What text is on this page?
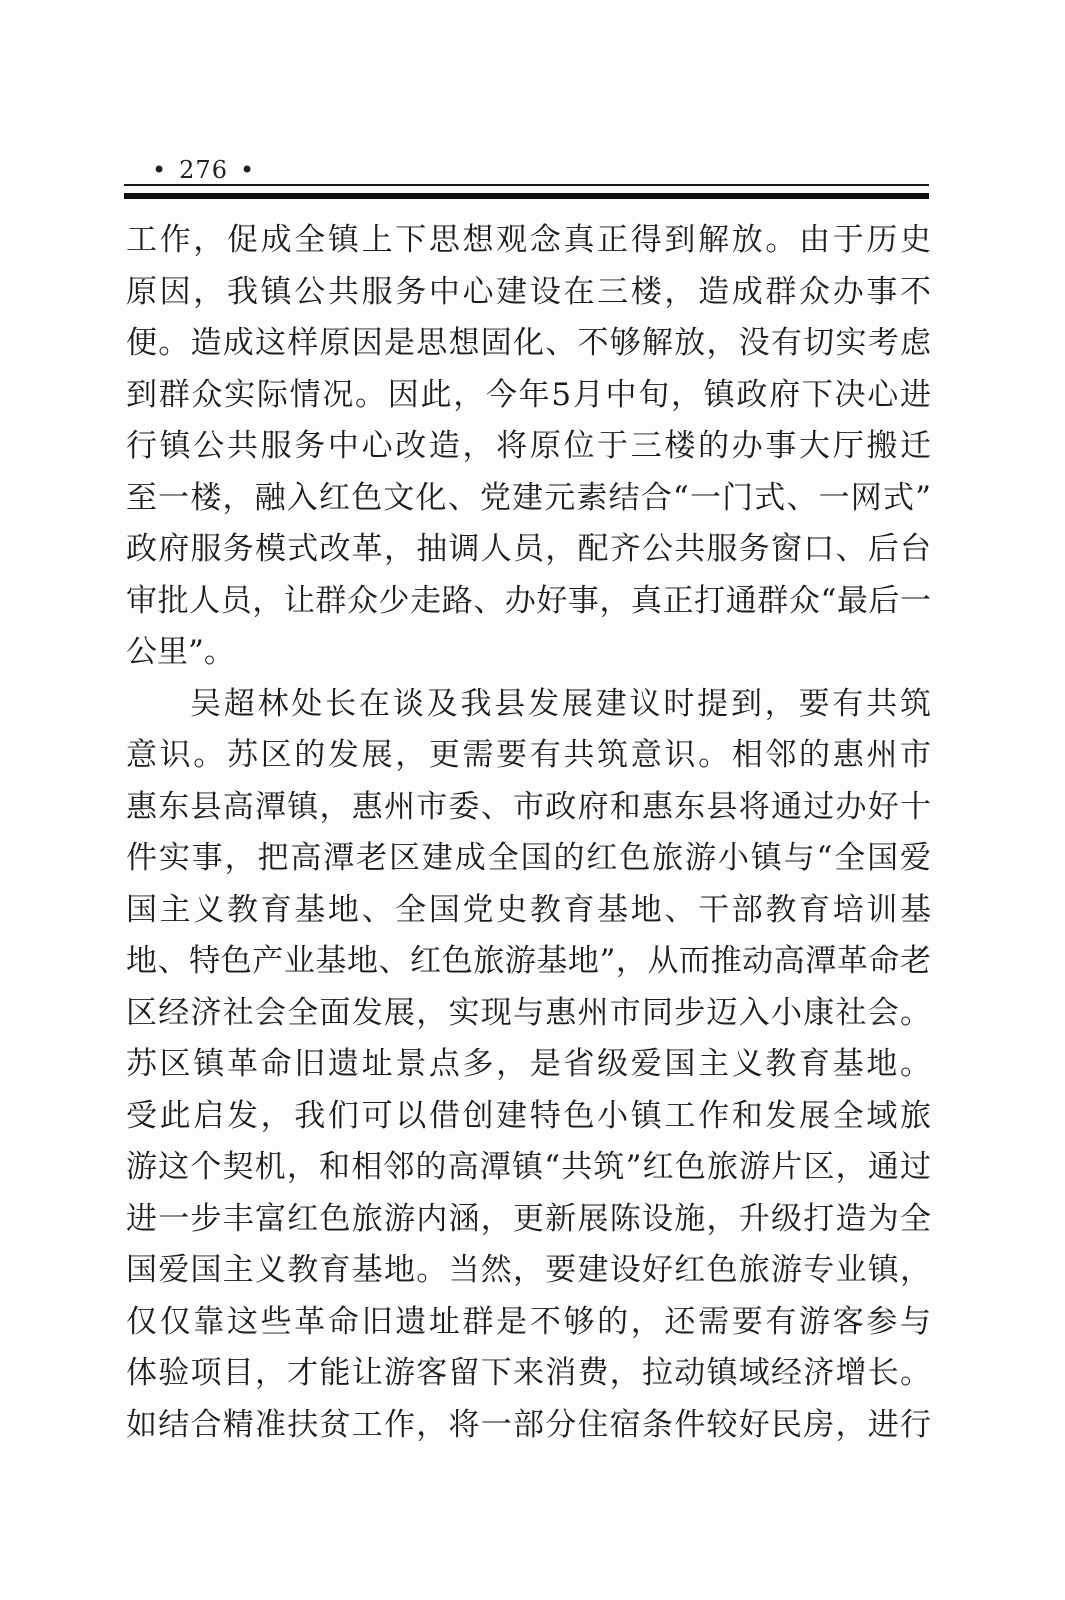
• 276 •
工作，促成全镇上下思想观念真正得到解放。由于历史
原因，我镇公共服务中心建设在三楼，造成群众办事不
便。造成这样原因是思想固化、不够解放，没有切实考虑
到群众实际情况。因此，今年5月中旬，镇政府下决心进
行镇公共服务中心改造，将原位于三楼的办事大厅搬迁
至一楼，融入红色文化、党建元素结合“一门式、一网式”
政府服务模式改革，抽调人员，配齐公共服务窗口、后台
审批人员，让群众少走路、办好事，真正打通群众“最后一
公里”。
吴超林处长在谈及我县发展建议时提到，要有共筑
意识。苏区的发展，更需要有共筑意识。相邻的惠州市
惠东县高潭镇，惠州市委、市政府和惠东县将通过办好十
件实事，把高潭老区建成全国的红色旅游小镇与“全国爱
国主义教育基地、全国党史教育基地、干部教育培训基
地、特色产业基地、红色旅游基地”，从而推动高潭革命老
区经济社会全面发展，实现与惠州市同步迈入小康社会。
苏区镇革命旧遗址景点多，是省级爱国主义教育基地。
受此启发，我们可以借创建特色小镇工作和发展全域旅
游这个契机，和相邻的高潭镇“共筑”红色旅游片区，通过
进一步丰富红色旅游内涵，更新展陈设施，升级打造为全
国爱国主义教育基地。当然，要建设好红色旅游专业镇，
仅仅靠这些革命旧遗址群是不够的，还需要有游客参与
体验项目，才能让游客留下来消费，拉动镇域经济增长。
如结合精准扶贫工作，将一部分住宿条件较好民房，进行
